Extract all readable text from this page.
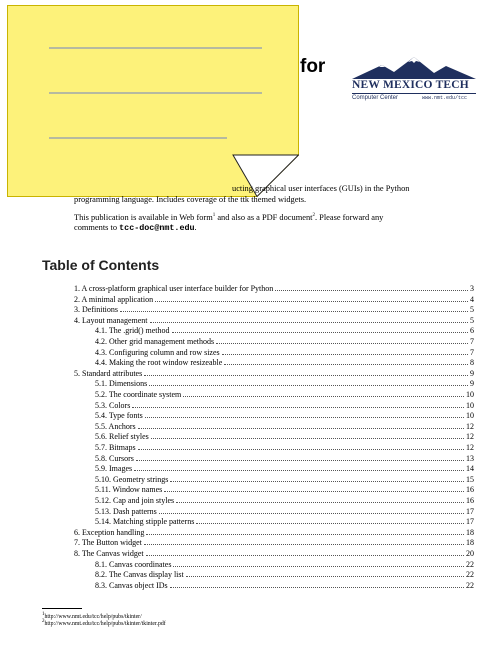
for
NEW MEXICO TECH
Computer Center	www.nmt.edu/tcc
ucting graphical user interfaces (GUIs) in the Python
programming language. Includes coverage of the ttk themed widgets.
This publication is available in Web form$^1$ and also as a PDF document$^2$. Please forward any
comments to tcc-doc@nmt.edu.
Table of Contents
1. A cross-platform graphical user interface builder for Python	3
2. A minimal application	4
3. Definitions	5
4. Layout management	5
4.1. The .grid() method	6
4.2. Other grid management methods	7
4.3. Configuring column and row sizes	7
4.4. Making the root window resizeable	8
5. Standard attributes	9
5.1. Dimensions	9
5.2. The coordinate system	10
5.3. Colors	10
5.4. Type fonts	10
5.5. Anchors	12
5.6. Relief styles	12
5.7. Bitmaps	12
5.8. Cursors	13
5.9. Images	14
5.10. Geometry strings	15
5.11. Window names	16
5.12. Cap and join styles	16
5.13. Dash patterns	17
5.14. Matching stipple patterns	17
6. Exception handling	18
7. The Button widget	18
8. The Canvas widget	20
8.1. Canvas coordinates	22
8.2. The Canvas display list	22
8.3. Canvas object IDs	22
$^1$http://www.nmt.edu/tcc/help/pubs/tkinter/
$^2$http://www.nmt.edu/tcc/help/pubs/tkinter/tkinter.pdf
